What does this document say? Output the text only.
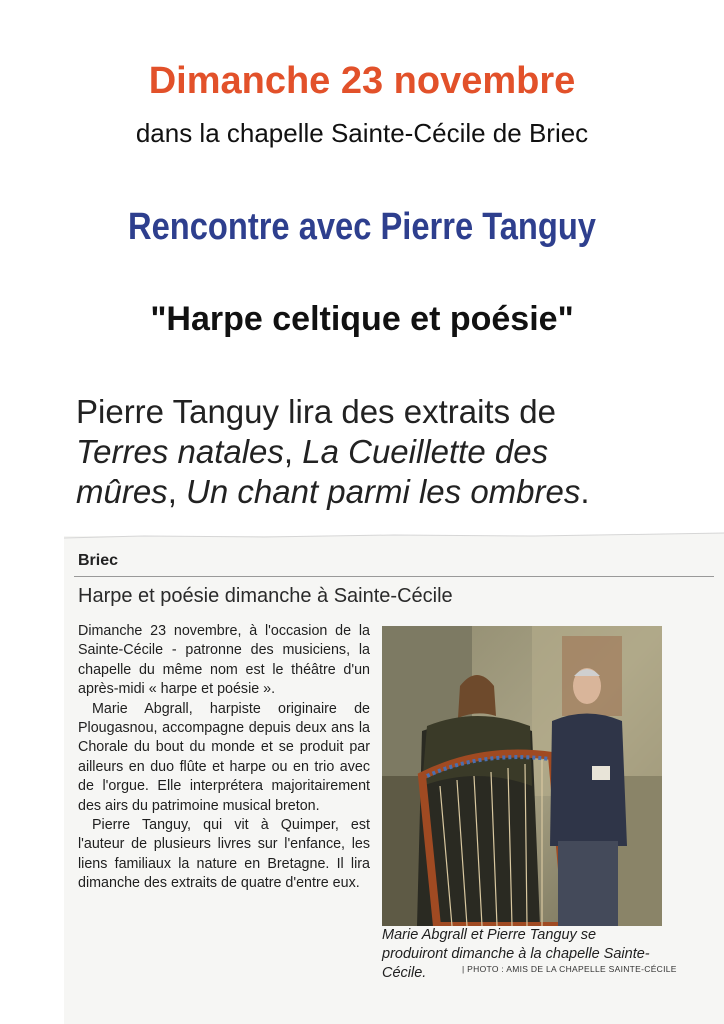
Dimanche 23 novembre
dans la chapelle Sainte-Cécile de Briec
Rencontre avec Pierre Tanguy
"Harpe celtique et poésie"

Pierre Tanguy lira des extraits de

Terres natales, La Cueillette des

mûres, Un chant parmi les ombres.

Briec
Harpe et poésie dimanche à Sainte-Cécile

Dimanche 23 novembre, à l'occasion de la Sainte-Cécile - patronne des musiciens, la chapelle du même nom est le théâtre d'un après-midi « harpe et poésie ».

Marie Abgrall, harpiste originaire de Plougasnou, accompagne depuis deux ans la Chorale du bout du monde et se produit par ailleurs en duo flûte et harpe ou en trio avec de l'orgue. Elle interprétera majoritairement des airs du patrimoine musical breton.

Pierre Tanguy, qui vit à Quimper, est l'auteur de plusieurs livres sur l'enfance, les liens familiaux la nature en Bretagne. Il lira dimanche des extraits de quatre d'entre eux.

Marie Abgrall et Pierre Tanguy se produiront dimanche à la chapelle Sainte-Cécile.	| PHOTO : AMIS DE LA CHAPELLE SAINTE-CÉCILE
